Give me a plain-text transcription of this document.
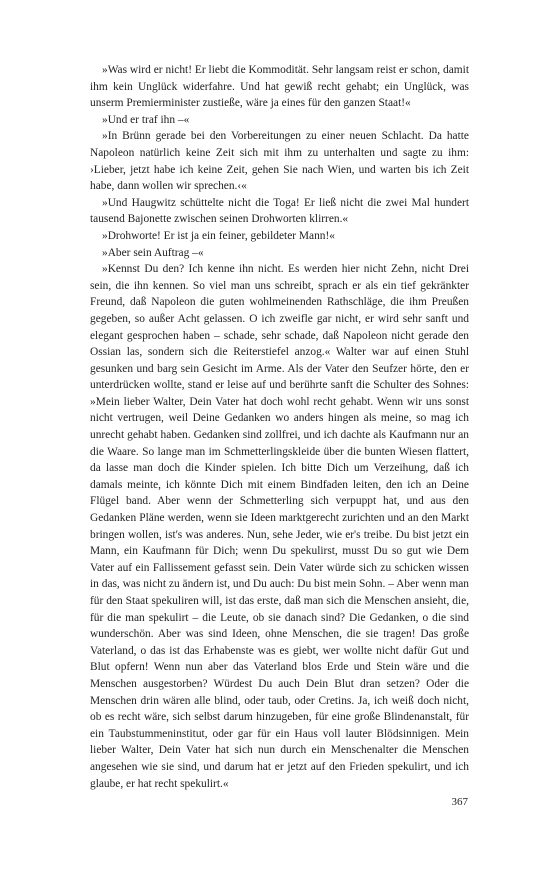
»Was wird er nicht! Er liebt die Kommodität. Sehr langsam reist er schon, damit ihm kein Unglück widerfahre. Und hat gewiß recht gehabt; ein Unglück, was unserm Premierminister zustieße, wäre ja eines für den ganzen Staat!«

»Und er traf ihn –«

»In Brünn gerade bei den Vorbereitungen zu einer neuen Schlacht. Da hatte Napoleon natürlich keine Zeit sich mit ihm zu unterhalten und sagte zu ihm: ›Lieber, jetzt habe ich keine Zeit, gehen Sie nach Wien, und warten bis ich Zeit habe, dann wollen wir sprechen.‹«

»Und Haugwitz schüttelte nicht die Toga! Er ließ nicht die zwei Mal hundert tausend Bajonette zwischen seinen Drohworten klirren.«

»Drohworte! Er ist ja ein feiner, gebildeter Mann!«

»Aber sein Auftrag –«

»Kennst Du den? Ich kenne ihn nicht. Es werden hier nicht Zehn, nicht Drei sein, die ihn kennen. So viel man uns schreibt, sprach er als ein tief gekränkter Freund, daß Napoleon die guten wohlmeinenden Rathschläge, die ihm Preußen gegeben, so außer Acht gelassen. O ich zweifle gar nicht, er wird sehr sanft und elegant gesprochen haben – schade, sehr schade, daß Napoleon nicht gerade den Ossian las, sondern sich die Reiterstiefel anzog.« Walter war auf einen Stuhl gesunken und barg sein Gesicht im Arme. Als der Vater den Seufzer hörte, den er unterdrücken wollte, stand er leise auf und berührte sanft die Schulter des Sohnes: »Mein lieber Walter, Dein Vater hat doch wohl recht gehabt. Wenn wir uns sonst nicht vertrugen, weil Deine Gedanken wo anders hingen als meine, so mag ich unrecht gehabt haben. Gedanken sind zollfrei, und ich dachte als Kaufmann nur an die Waare. So lange man im Schmetterlingskleide über die bunten Wiesen flattert, da lasse man doch die Kinder spielen. Ich bitte Dich um Verzeihung, daß ich damals meinte, ich könnte Dich mit einem Bindfaden leiten, den ich an Deine Flügel band. Aber wenn der Schmetterling sich verpuppt hat, und aus den Gedanken Pläne werden, wenn sie Ideen marktgerecht zurichten und an den Markt bringen wollen, ist's was anderes. Nun, sehe Jeder, wie er's treibe. Du bist jetzt ein Mann, ein Kaufmann für Dich; wenn Du spekulirst, musst Du so gut wie Dem Vater auf ein Fallissement gefasst sein. Dein Vater würde sich zu schicken wissen in das, was nicht zu ändern ist, und Du auch: Du bist mein Sohn. – Aber wenn man für den Staat spekuliren will, ist das erste, daß man sich die Menschen ansieht, die, für die man spekulirt – die Leute, ob sie danach sind? Die Gedanken, o die sind wunderschön. Aber was sind Ideen, ohne Menschen, die sie tragen! Das große Vaterland, o das ist das Erhabenste was es giebt, wer wollte nicht dafür Gut und Blut opfern! Wenn nun aber das Vaterland blos Erde und Stein wäre und die Menschen ausgestorben? Würdest Du auch Dein Blut dran setzen? Oder die Menschen drin wären alle blind, oder taub, oder Cretins. Ja, ich weiß doch nicht, ob es recht wäre, sich selbst darum hinzugeben, für eine große Blindenanstalt, für ein Taubstummeninstitut, oder gar für ein Haus voll lauter Blödsinnigen. Mein lieber Walter, Dein Vater hat sich nun durch ein Menschenalter die Menschen angesehen wie sie sind, und darum hat er jetzt auf den Frieden spekulirt, und ich glaube, er hat recht spekulirt.«

367
